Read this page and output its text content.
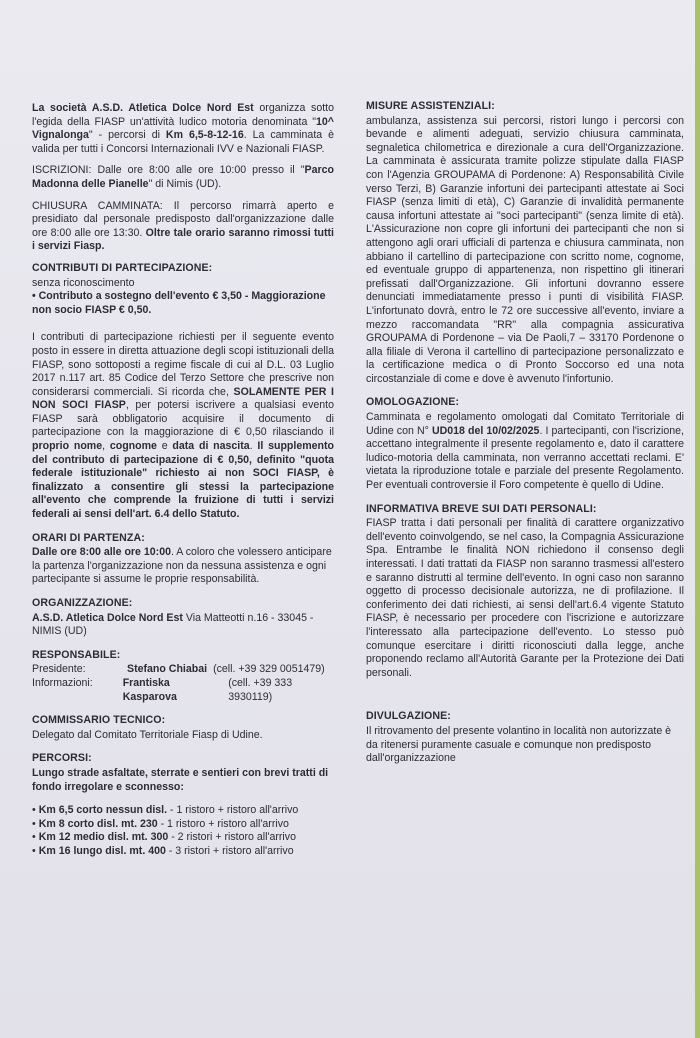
La società A.S.D. Atletica Dolce Nord Est organizza sotto l'egida della FIASP un'attività ludico motoria denominata "10^ Vignalonga" - percorsi di Km 6,5-8-12-16. La camminata è valida per tutti i Concorsi Internazionali IVV e Nazionali FIASP.

ISCRIZIONI: Dalle ore 8:00 alle ore 10:00 presso il "Parco Madonna delle Pianelle" di Nimis (UD).

CHIUSURA CAMMINATA: Il percorso rimarrà aperto e presidiato dal personale predisposto dall'organizzazione dalle ore 8:00 alle ore 13:30. Oltre tale orario saranno rimossi tutti i servizi Fiasp.

CONTRIBUTI DI PARTECIPAZIONE:
senza riconoscimento
• Contributo a sostegno dell'evento € 3,50 - Maggiorazione non socio FIASP € 0,50.

I contributi di partecipazione richiesti per il seguente evento posto in essere in diretta attuazione degli scopi istituzionali della FIASP, sono sottoposti a regime fiscale di cui al D.L. 03 Luglio 2017 n.117 art. 85 Codice del Terzo Settore che prescrive non considerarsi commerciali. Si ricorda che, SOLAMENTE PER I NON SOCI FIASP, per potersi iscrivere a qualsiasi evento FIASP sarà obbligatorio acquisire il documento di partecipazione con la maggiorazione di € 0,50 rilasciando il proprio nome, cognome e data di nascita. Il supplemento del contributo di partecipazione di € 0,50, definito "quota federale istituzionale" richiesto ai non SOCI FIASP, è finalizzato a consentire gli stessi la partecipazione all'evento che comprende la fruizione di tutti i servizi federali ai sensi dell'art. 6.4 dello Statuto.

ORARI DI PARTENZA:

Dalle ore 8:00 alle ore 10:00. A coloro che volessero anticipare la partenza l'organizzazione non da nessuna assistenza e ogni partecipante si assume le proprie responsabilità.

ORGANIZZAZIONE:

A.S.D. Atletica Dolce Nord Est Via Matteotti n.16 - 33045 - NIMIS (UD)

RESPONSABILE:
Presidente:	Stefano Chiabai (cell. +39 329 0051479)
Informazioni:	Frantiska Kasparova
(cell. +39 333 3930119)
COMMISSARIO TECNICO:
Delegato dal Comitato Territoriale Fiasp di Udine.
PERCORSI:
Lungo strade asfaltate, sterrate e sentieri con brevi tratti di fondo irregolare e sconnesso:
• Km 6,5 corto nessun disl. - 1 ristoro + ristoro all'arrivo
• Km 8 corto disl. mt. 230 - 1 ristoro + ristoro all'arrivo
• Km 12 medio disl. mt. 300 - 2 ristori + ristoro all'arrivo
• Km 16 lungo disl. mt. 400 - 3 ristori + ristoro all'arrivo
MISURE ASSISTENZIALI:

ambulanza, assistenza sui percorsi, ristori lungo i percorsi con bevande e alimenti adeguati, servizio chiusura camminata, segnaletica chilometrica e direzionale a cura dell'Organizzazione. La camminata è assicurata tramite polizze stipulate dalla FIASP con l'Agenzia GROUPAMA di Pordenone: A) Responsabilità Civile verso Terzi, B) Garanzie infortuni dei partecipanti attestate ai Soci FIASP (senza limiti di età), C) Garanzie di invalidità permanente causa infortuni attestate ai "soci partecipanti" (senza limite di età). L'Assicurazione non copre gli infortuni dei partecipanti che non si attengono agli orari ufficiali di partenza e chiusura camminata, non abbiano il cartellino di partecipazione con scritto nome, cognome, ed eventuale gruppo di appartenenza, non rispettino gli itinerari prefissati dall'Organizzazione. Gli infortuni dovranno essere denunciati immediatamente presso i punti di visibilità FIASP. L'infortunato dovrà, entro le 72 ore successive all'evento, inviare a mezzo raccomandata "RR" alla compagnia assicurativa GROUPAMA di Pordenone – via De Paoli,7 – 33170 Pordenone o alla filiale di Verona il cartellino di partecipazione personalizzato e la certificazione medica o di Pronto Soccorso ed una nota circostanziale di come e dove è avvenuto l'infortunio.

OMOLOGAZIONE:

Camminata e regolamento omologati dal Comitato Territoriale di Udine con N° UD018 del 10/02/2025. I partecipanti, con l'iscrizione, accettano integralmente il presente regolamento e, dato il carattere ludico-motoria della camminata, non verranno accettati reclami. E' vietata la riproduzione totale e parziale del presente Regolamento. Per eventuali controversie il Foro competente è quello di Udine.

INFORMATIVA BREVE SUI DATI PERSONALI:

FIASP tratta i dati personali per finalità di carattere organizzativo dell'evento coinvolgendo, se nel caso, la Compagnia Assicurazione Spa. Entrambe le finalità NON richiedono il consenso degli interessati. I dati trattati da FIASP non saranno trasmessi all'estero e saranno distrutti al termine dell'evento. In ogni caso non saranno oggetto di processo decisionale autorizza, ne di profilazione. Il conferimento dei dati richiesti, ai sensi dell'art.6.4 vigente Statuto FIASP, è necessario per procedere con l'iscrizione e autorizzare l'interessato alla partecipazione dell'evento. Lo stesso può comunque esercitare i diritti riconosciuti dalla legge, anche proponendo reclamo all'Autorità Garante per la Protezione dei Dati personali.

DIVULGAZIONE:

Il ritrovamento del presente volantino in località non autorizzate è da ritenersi puramente casuale e comunque non predisposto dall'organizzazione
